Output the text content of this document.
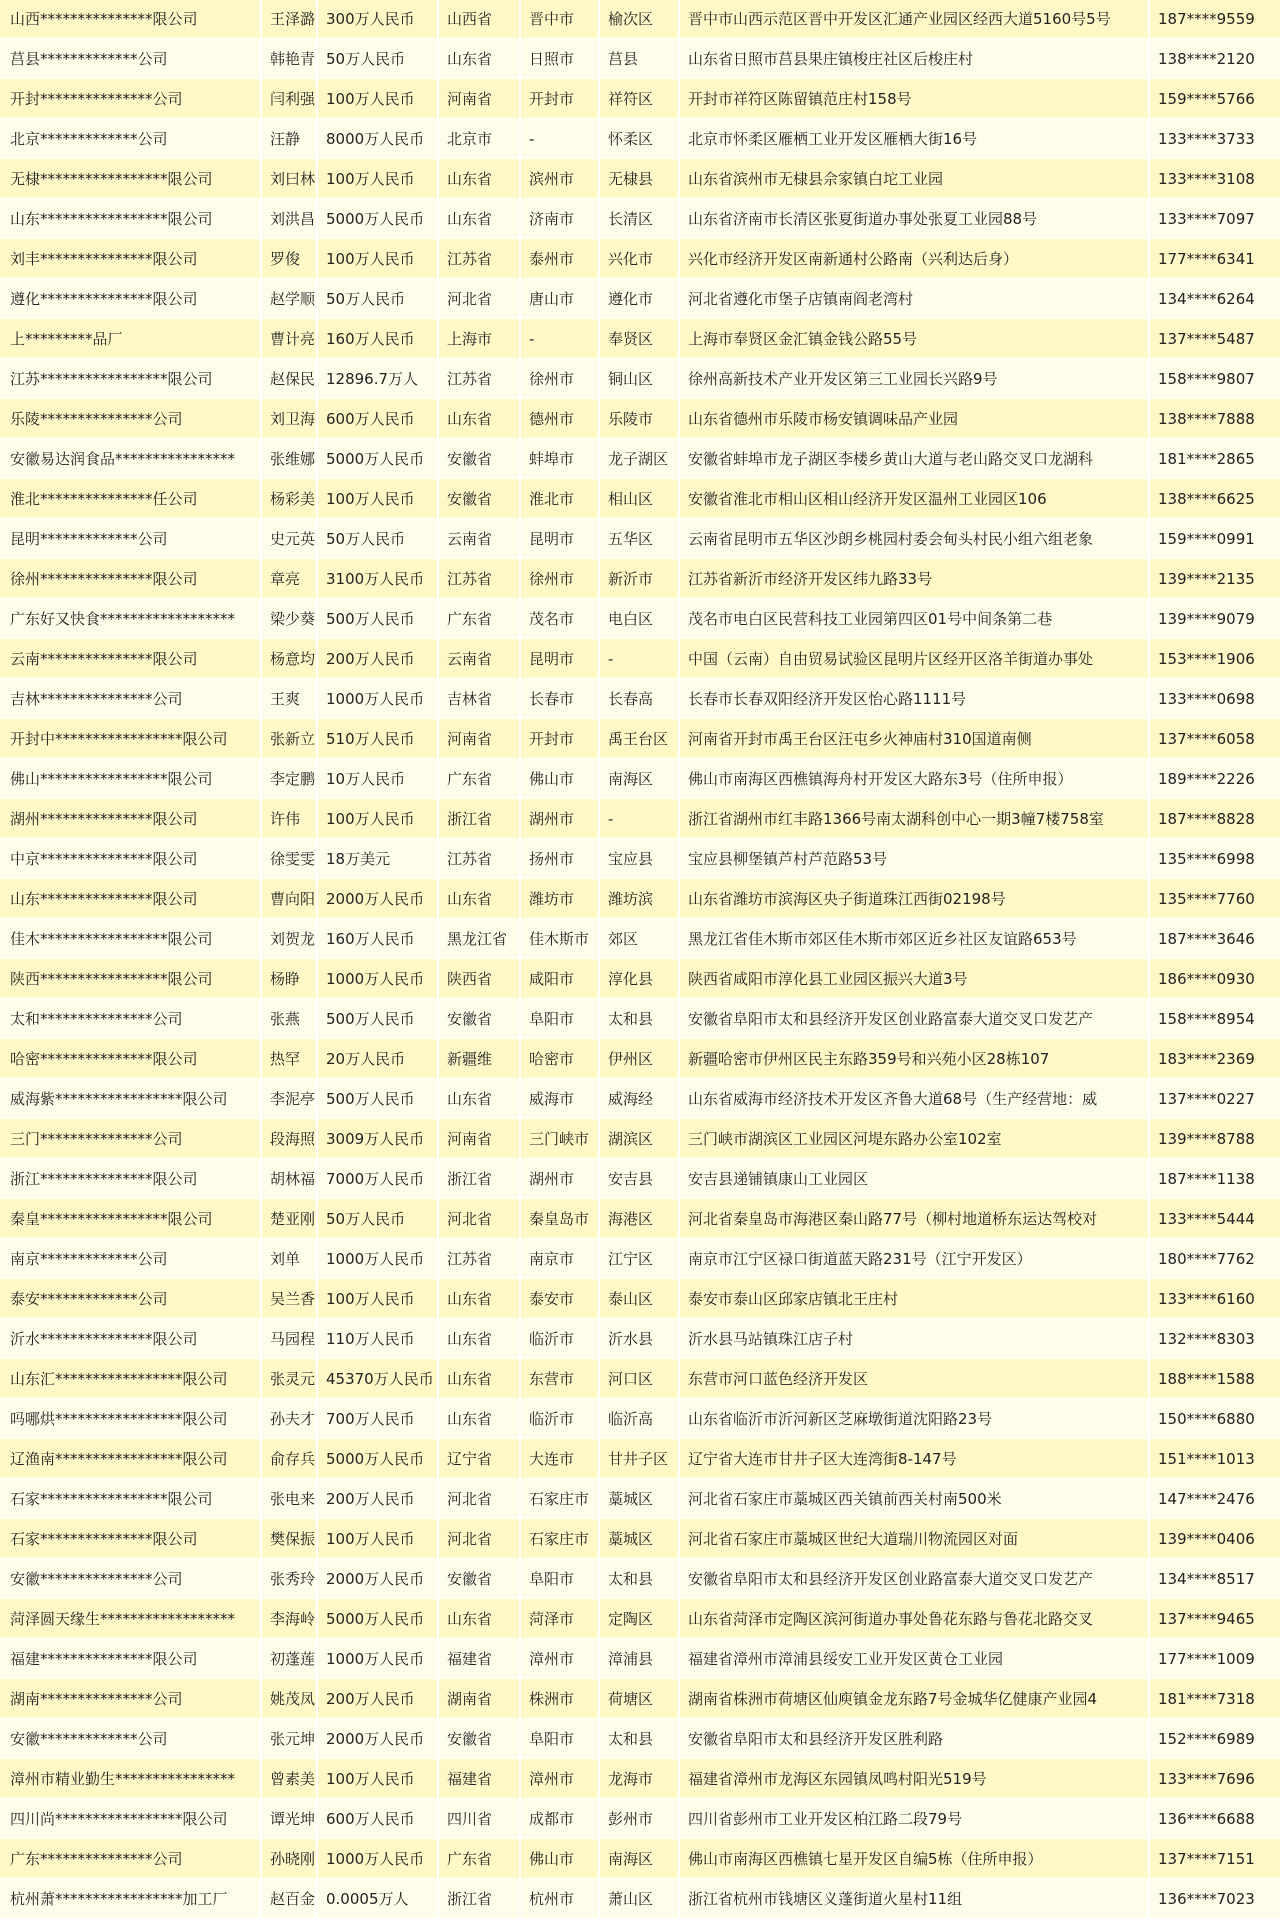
山西***************限公司	王泽潞	300万人民币	山西省	晋中市	榆次区	晋中市山西示范区晋中开发区汇通产业园区经西大道5160号5号	187****9559
莒县*************公司	韩艳青	50万人民币	山东省	日照市	莒县	山东省日照市莒县果庄镇梭庄社区后梭庄村	138****2120
开封***************公司	闫利强	100万人民币	河南省	开封市	祥符区	开封市祥符区陈留镇范庄村158号	159****5766
北京*************公司	汪静	8000万人民币	北京市	-	怀柔区	北京市怀柔区雁栖工业开发区雁栖大街16号	133****3733
无棣*****************限公司	刘曰林	100万人民币	山东省	滨州市	无棣县	山东省滨州市无棣县佘家镇白坨工业园	133****3108
山东*****************限公司	刘洪昌	5000万人民币	山东省	济南市	长清区	山东省济南市长清区张夏街道办事处张夏工业园88号	133****7097
刘丰***************限公司	罗俊	100万人民币	江苏省	泰州市	兴化市	兴化市经济开发区南新通村公路南（兴利达后身）	177****6341
遵化***************限公司	赵学顺	50万人民币	河北省	唐山市	遵化市	河北省遵化市堡子店镇南阎老湾村	134****6264
上*********品厂	曹计亮	160万人民币	上海市	-	奉贤区	上海市奉贤区金汇镇金钱公路55号	137****5487
江苏*****************限公司	赵保民	12896.7万人	江苏省	徐州市	铜山区	徐州高新技术产业开发区第三工业园长兴路9号	158****9807
乐陵***************公司	刘卫海	600万人民币	山东省	德州市	乐陵市	山东省德州市乐陵市杨安镇调味品产业园	138****7888
安徽易达润食品****************	张维娜	5000万人民币	安徽省	蚌埠市	龙子湖区	安徽省蚌埠市龙子湖区李楼乡黄山大道与老山路交叉口龙湖科	181****2865
淮北***************任公司	杨彩美	100万人民币	安徽省	淮北市	相山区	安徽省淮北市相山区相山经济开发区温州工业园区106	138****6625
昆明*************公司	史元英	50万人民币	云南省	昆明市	五华区	云南省昆明市五华区沙朗乡桃园村委会甸头村民小组六组老象	159****0991
徐州***************限公司	章亮	3100万人民币	江苏省	徐州市	新沂市	江苏省新沂市经济开发区纬九路33号	139****2135
广东好又快食******************	梁少葵	500万人民币	广东省	茂名市	电白区	茂名市电白区民营科技工业园第四区01号中间条第二巷	139****9079
云南***************限公司	杨意均	200万人民币	云南省	昆明市	-	中国（云南）自由贸易试验区昆明片区经开区洛羊街道办事处	153****1906
吉林***************公司	王爽	1000万人民币	吉林省	长春市	长春高	长春市长春双阳经济开发区怡心路1111号	133****0698
开封中*****************限公司	张新立	510万人民币	河南省	开封市	禹王台区	河南省开封市禹王台区汪屯乡火神庙村310国道南侧	137****6058
佛山*****************限公司	李定鹏	10万人民币	广东省	佛山市	南海区	佛山市南海区西樵镇海舟村开发区大路东3号（住所申报）	189****2226
湖州***************限公司	许伟	100万人民币	浙江省	湖州市	-	浙江省湖州市红丰路1366号南太湖科创中心一期3幢7楼758室	187****8828
中京***************限公司	徐雯雯	18万美元	江苏省	扬州市	宝应县	宝应县柳堡镇芦村芦范路53号	135****6998
山东***************限公司	曹向阳	2000万人民币	山东省	潍坊市	潍坊滨	山东省潍坊市滨海区央子街道珠江西街02198号	135****7760
佳木*****************限公司	刘贺龙	160万人民币	黑龙江省	佳木斯市	郊区	黑龙江省佳木斯市郊区佳木斯市郊区近乡社区友谊路653号	187****3646
陕西*****************限公司	杨睁	1000万人民币	陕西省	咸阳市	淳化县	陕西省咸阳市淳化县工业园区振兴大道3号	186****0930
太和***************公司	张燕	500万人民币	安徽省	阜阳市	太和县	安徽省阜阳市太和县经济开发区创业路富泰大道交叉口发艺产	158****8954
哈密***************限公司	热罕	20万人民币	新疆维	哈密市	伊州区	新疆哈密市伊州区民主东路359号和兴苑小区28栋107	183****2369
威海紫*****************限公司	李泥亭	500万人民币	山东省	威海市	威海经	山东省威海市经济技术开发区齐鲁大道68号（生产经营地：威	137****0227
三门***************公司	段海照	3009万人民币	河南省	三门峡市	湖滨区	三门峡市湖滨区工业园区河堤东路办公室102室	139****8788
浙江***************限公司	胡林福	7000万人民币	浙江省	湖州市	安吉县	安吉县递铺镇康山工业园区	187****1138
秦皇*****************限公司	楚亚刚	50万人民币	河北省	秦皇岛市	海港区	河北省秦皇岛市海港区秦山路77号（柳村地道桥东运达驾校对	133****5444
南京*************公司	刘单	1000万人民币	江苏省	南京市	江宁区	南京市江宁区禄口街道蓝天路231号（江宁开发区）	180****7762
泰安*************公司	吴兰香	100万人民币	山东省	泰安市	泰山区	泰安市泰山区邱家店镇北王庄村	133****6160
沂水***************限公司	马园程	110万人民币	山东省	临沂市	沂水县	沂水县马站镇珠江店子村	132****8303
山东汇*****************限公司	张灵元	45370万人民币	山东省	东营市	河口区	东营市河口蓝色经济开发区	188****1588
吗哪烘*****************限公司	孙夫才	700万人民币	山东省	临沂市	临沂高	山东省临沂市沂河新区芝麻墩街道沈阳路23号	150****6880
辽渔南*****************限公司	俞存兵	5000万人民币	辽宁省	大连市	甘井子区	辽宁省大连市甘井子区大连湾街8-147号	151****1013
石家*****************限公司	张电来	200万人民币	河北省	石家庄市	藁城区	河北省石家庄市藁城区西关镇前西关村南500米	147****2476
石家***************限公司	樊保振	100万人民币	河北省	石家庄市	藁城区	河北省石家庄市藁城区世纪大道瑞川物流园区对面	139****0406
安徽***************公司	张秀玲	2000万人民币	安徽省	阜阳市	太和县	安徽省阜阳市太和县经济开发区创业路富泰大道交叉口发艺产	134****8517
菏泽圆天缘生******************	李海岭	5000万人民币	山东省	菏泽市	定陶区	山东省菏泽市定陶区滨河街道办事处鲁花东路与鲁花北路交叉	137****9465
福建***************限公司	初蓬莲	1000万人民币	福建省	漳州市	漳浦县	福建省漳州市漳浦县绥安工业开发区黄仓工业园	177****1009
湖南***************公司	姚茂凤	200万人民币	湖南省	株洲市	荷塘区	湖南省株洲市荷塘区仙庾镇金龙东路7号金城华亿健康产业园4	181****7318
安徽*************公司	张元坤	2000万人民币	安徽省	阜阳市	太和县	安徽省阜阳市太和县经济开发区胜利路	152****6989
漳州市精业勤生****************	曾素美	100万人民币	福建省	漳州市	龙海市	福建省漳州市龙海区东园镇凤鸣村阳光519号	133****7696
四川尚*****************限公司	谭光坤	600万人民币	四川省	成都市	彭州市	四川省彭州市工业开发区柏江路二段79号	136****6688
广东***************公司	孙晓刚	1000万人民币	广东省	佛山市	南海区	佛山市南海区西樵镇七星开发区自编5栋（住所申报）	137****7151
杭州萧*****************加工厂	赵百金	0.0005万人	浙江省	杭州市	萧山区	浙江省杭州市钱塘区义蓬街道火星村11组	136****7023
